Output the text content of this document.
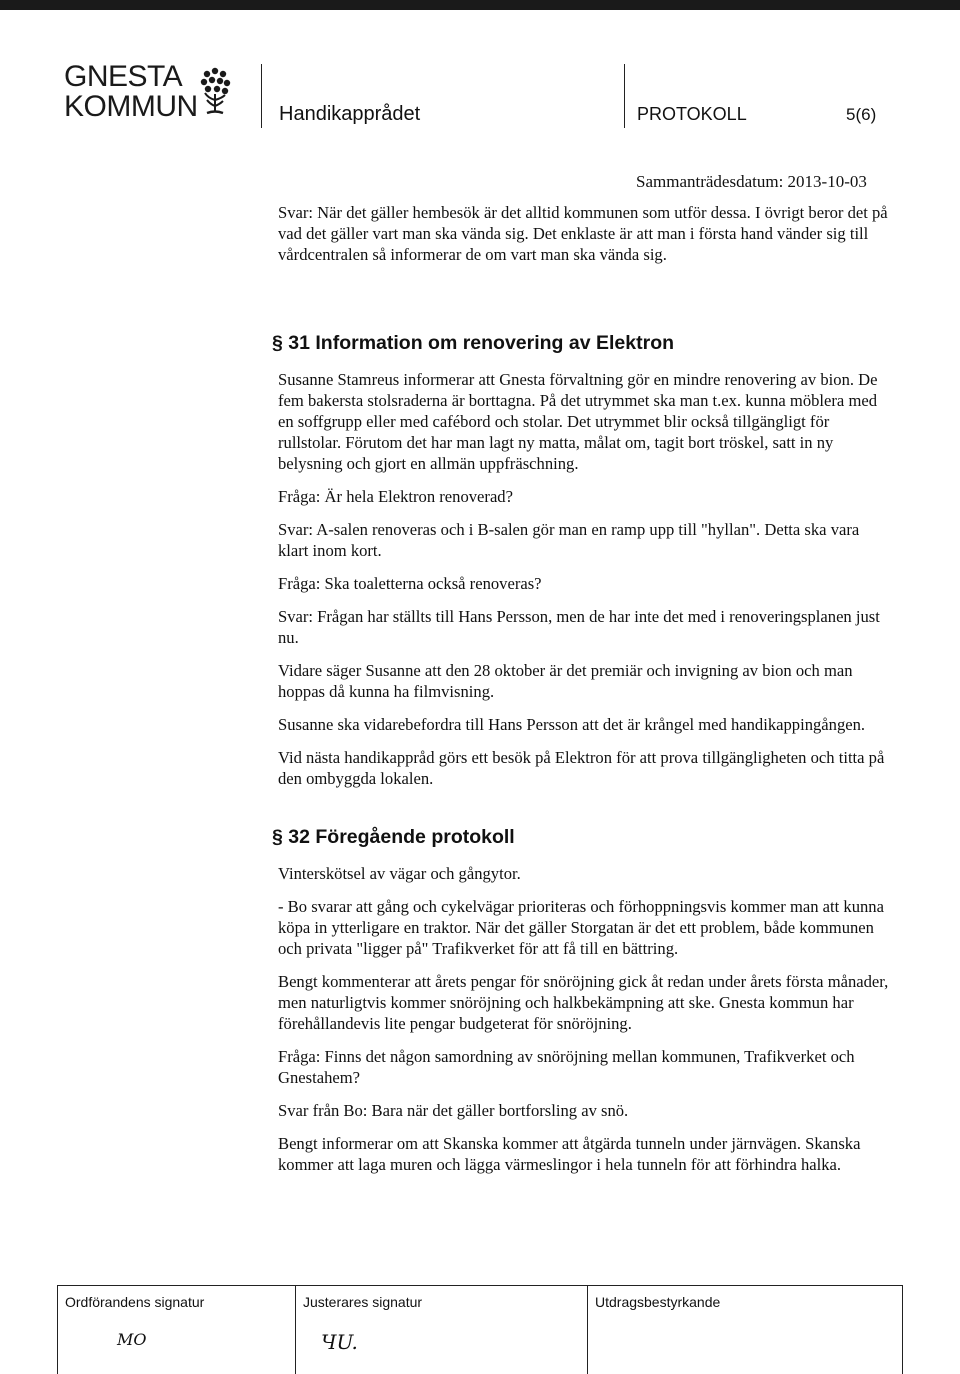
GNESTA
KOMMUN	Handikapprådet	PROTOKOLL	5(6)
Sammanträdesdatum: 2013-10-03

Svar: När det gäller hembesök är det alltid kommunen som utför dessa. I övrigt beror det på vad det gäller vart man ska vända sig. Det enklaste är att man i första hand vänder sig till vårdcentralen så informerar de om vart man ska vända sig.

§ 31 Information om renovering av Elektron

Susanne Stamreus informerar att Gnesta förvaltning gör en mindre renovering av bion. De fem bakersta stolsraderna är borttagna. På det utrymmet ska man t.ex. kunna möblera med en soffgrupp eller med cafébord och stolar. Det utrymmet blir också tillgängligt för rullstolar. Förutom det har man lagt ny matta, målat om, tagit bort tröskel, satt in ny belysning och gjort en allmän uppfräschning.

Fråga: Är hela Elektron renoverad?

Svar: A-salen renoveras och i B-salen gör man en ramp upp till "hyllan". Detta ska vara klart inom kort.

Fråga: Ska toaletterna också renoveras?

Svar: Frågan har ställts till Hans Persson, men de har inte det med i renoveringsplanen just nu.

Vidare säger Susanne att den 28 oktober är det premiär och invigning av bion och man hoppas då kunna ha filmvisning.

Susanne ska vidarebefordra till Hans Persson att det är krångel med handikappingången.

Vid nästa handikappråd görs ett besök på Elektron för att prova tillgängligheten och titta på den ombyggda lokalen.

§ 32 Föregående protokoll

Vinterskötsel av vägar och gångytor.

- Bo svarar att gång och cykelvägar prioriteras och förhoppningsvis kommer man att kunna köpa in ytterligare en traktor. När det gäller Storgatan är det ett problem, både kommunen och privata "ligger på" Trafikverket för att få till en bättring.

Bengt kommenterar att årets pengar för snöröjning gick åt redan under årets första månader, men naturligtvis kommer snöröjning och halkbekämpning att ske. Gnesta kommun har förehållandevis lite pengar budgeterat för snöröjning.

Fråga: Finns det någon samordning av snöröjning mellan kommunen, Trafikverket och Gnestahem?

Svar från Bo: Bara när det gäller bortforsling av snö.

Bengt informerar om att Skanska kommer att åtgärda tunneln under järnvägen. Skanska kommer att laga muren och lägga värmeslingor i hela tunneln för att förhindra halka.

Ordförandens signatur
MO
Justerares signatur
ЧU.
Utdragsbestyrkande
